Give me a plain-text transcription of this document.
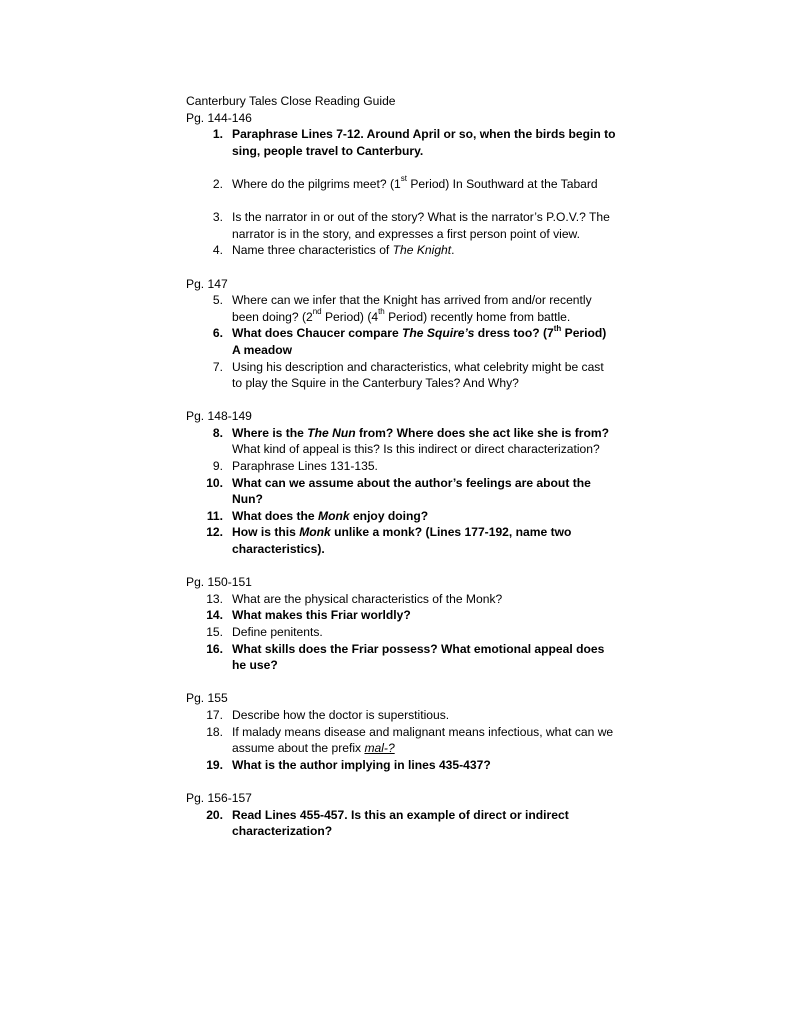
Canterbury Tales Close Reading Guide
Pg. 144-146
1. Paraphrase Lines 7-12. Around April or so, when the birds begin to sing, people travel to Canterbury.
2. Where do the pilgrims meet? (1st Period) In Southward at the Tabard
3. Is the narrator in or out of the story? What is the narrator’s P.O.V.? The narrator is in the story, and expresses a first person point of view.
4. Name three characteristics of The Knight.
Pg. 147
5. Where can we infer that the Knight has arrived from and/or recently been doing? (2nd Period) (4th Period) recently home from battle.
6. What does Chaucer compare The Squire’s dress too? (7th Period) A meadow
7. Using his description and characteristics, what celebrity might be cast to play the Squire in the Canterbury Tales? And Why?
Pg. 148-149
8. Where is the The Nun from? Where does she act like she is from? What kind of appeal is this? Is this indirect or direct characterization?
9. Paraphrase Lines 131-135.
10. What can we assume about the author’s feelings are about the Nun?
11. What does the Monk enjoy doing?
12. How is this Monk unlike a monk? (Lines 177-192, name two characteristics).
Pg. 150-151
13. What are the physical characteristics of the Monk?
14. What makes this Friar worldly?
15. Define penitents.
16. What skills does the Friar possess? What emotional appeal does he use?
Pg. 155
17. Describe how the doctor is superstitious.
18. If malady means disease and malignant means infectious, what can we assume about the prefix mal-?
19. What is the author implying in lines 435-437?
Pg. 156-157
20. Read Lines 455-457. Is this an example of direct or indirect characterization?
